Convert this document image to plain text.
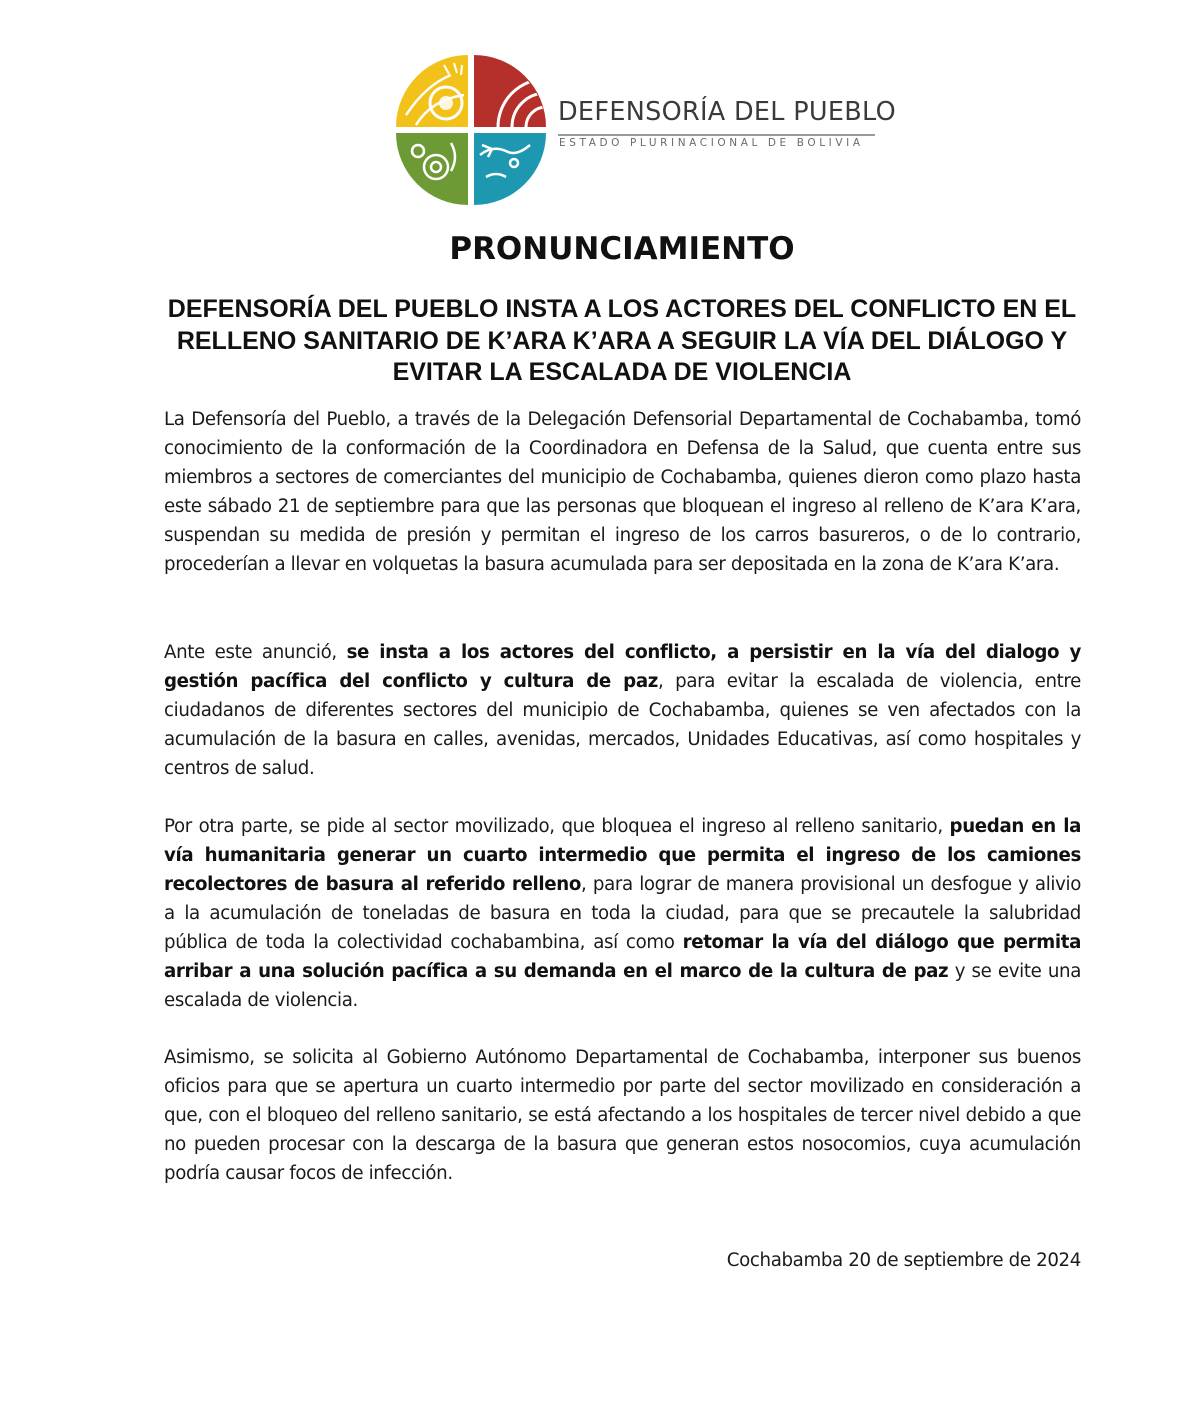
DEFENSORÍA DEL PUEBLO
ESTADO PLURINACIONAL DE BOLIVIA
PRONUNCIAMIENTO
DEFENSORÍA DEL PUEBLO INSTA A LOS ACTORES DEL CONFLICTO EN EL RELLENO SANITARIO DE K’ARA K’ARA A SEGUIR LA VÍA DEL DIÁLOGO Y EVITAR LA ESCALADA DE VIOLENCIA

La Defensoría del Pueblo, a través de la Delegación Defensorial Departamental de Cochabamba, tomó conocimiento de la conformación de la Coordinadora en Defensa de la Salud, que cuenta entre sus miembros a sectores de comerciantes del municipio de Cochabamba, quienes dieron como plazo hasta este sábado 21 de septiembre para que las personas que bloquean el ingreso al relleno de K’ara K’ara, suspendan su medida de presión y permitan el ingreso de los carros basureros, o de lo contrario, procederían a llevar en volquetas la basura acumulada para ser depositada en la zona de K’ara K’ara.

Ante este anunció, se insta a los actores del conflicto, a persistir en la vía del dialogo y gestión pacífica del conflicto y cultura de paz, para evitar la escalada de violencia, entre ciudadanos de diferentes sectores del municipio de Cochabamba, quienes se ven afectados con la acumulación de la basura en calles, avenidas, mercados, Unidades Educativas, así como hospitales y centros de salud.

Por otra parte, se pide al sector movilizado, que bloquea el ingreso al relleno sanitario, puedan en la vía humanitaria generar un cuarto intermedio que permita el ingreso de los camiones recolectores de basura al referido relleno, para lograr de manera provisional un desfogue y alivio a la acumulación de toneladas de basura en toda la ciudad, para que se precautele la salubridad pública de toda la colectividad cochabambina, así como retomar la vía del diálogo que permita arribar a una solución pacífica a su demanda en el marco de la cultura de paz y se evite una escalada de violencia.

Asimismo, se solicita al Gobierno Autónomo Departamental de Cochabamba, interponer sus buenos oficios para que se apertura un cuarto intermedio por parte del sector movilizado en consideración a que, con el bloqueo del relleno sanitario, se está afectando a los hospitales de tercer nivel debido a que no pueden procesar con la descarga de la basura que generan estos nosocomios, cuya acumulación podría causar focos de infección.

Cochabamba 20 de septiembre de 2024
